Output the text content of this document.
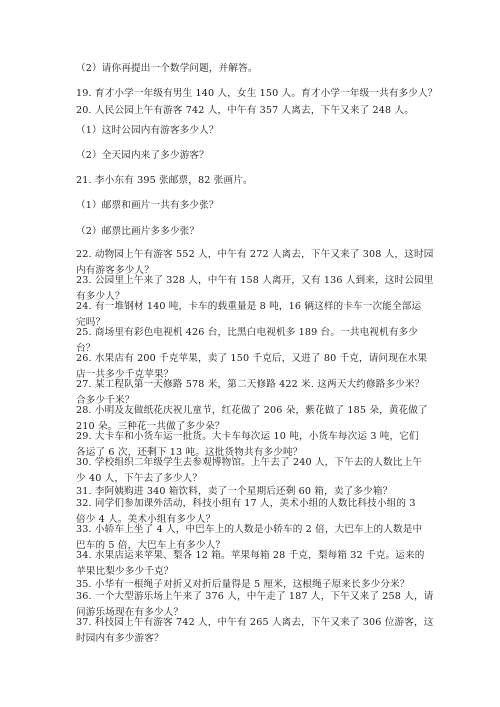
（2）请你再提出一个数学问题，并解答。
19. 育才小学一年级有男生 140 人，女生 150 人。育才小学一年级一共有多少人？
20. 人民公园上午有游客 742 人，中午有 357 人离去，下午又来了 248 人。
（1）这时公园内有游客多少人？
（2）全天园内来了多少游客？
21. 李小东有 395 张邮票，82 张画片。
（1）邮票和画片一共有多少张？
（2）邮票比画片多多少张？
22. 动物园上午有游客 552 人，中午有 272 人离去，下午又来了 308 人，这时园
内有游客多少人？
23. 公园里上午来了 328 人，中午有 158 人离开，又有 136 人到来，这时公园里
有多少人？
24. 有一堆钢材 140 吨，卡车的载重量是 8 吨，16 辆这样的卡车一次能全部运
完吗？
25. 商场里有彩色电视机 426 台，比黑白电视机多 189 台。一共电视机有多少
台？
26. 水果店有 200 千克苹果，卖了 150 千克后，又进了 80 千克，请问现在水果
店一共多少千克苹果？
27. 某工程队第一天修路 578 米，第二天修路 422 米. 这两天大约修路多少米？
合多少千米？
28. 小明及友做纸花庆祝儿童节，红花做了 206 朵，紫花做了 185 朵，黄花做了
210 朵。三种花一共做了多少朵？
29. 大卡车和小货车运一批货。大卡车每次运 10 吨，小货车每次运 3 吨，它们
各运了 6 次，还剩下 13 吨。这批货物共有多少吨？
30. 学校组织二年级学生去参观博物馆。上午去了 240 人，下午去的人数比上午
少 40 人，下午去了多少人？
31. 李阿姨购进 340 箱饮料，卖了一个星期后还剩 60 箱，卖了多少箱？
32. 同学们参加课外活动，科技小组有 17 人，美术小组的人数比科技小组的 3
倍少 4 人。美术小组有多少人？
33. 小轿车上坐了 4 人，中巴车上的人数是小轿车的 2 倍，大巴车上的人数是中
巴车的 5 倍，大巴车上有多少人？
34. 水果店运来苹果、梨各 12 箱。苹果每箱 28 千克，梨每箱 32 千克。运来的
苹果比梨少多少千克？
35. 小华有一根绳子对折又对折后量得是 5 厘米，这根绳子原来长多少分米？
36. 一个大型游乐场上午来了 376 人，中午走了 187 人，下午又来了 258 人，请
问游乐场现在有多少人？
37. 科技园上午有游客 742 人，中午有 265 人离去，下午又来了 306 位游客，这
时园内有多少游客？
